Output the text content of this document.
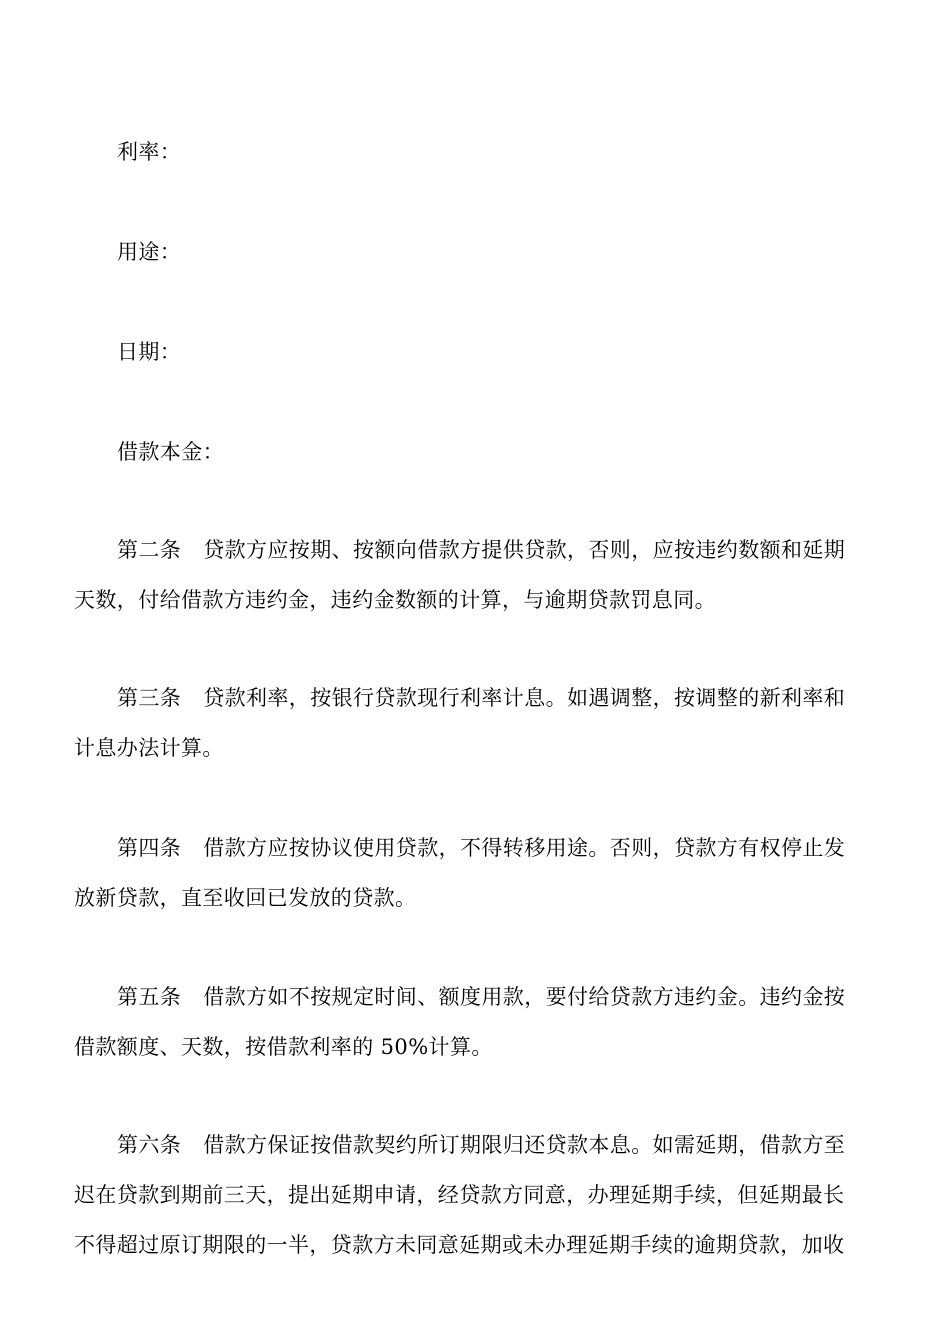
利率：

用途：

日期：

借款本金：

第二条 贷款方应按期、按额向借款方提供贷款，否则，应按违约数额和延期
天数，付给借款方违约金，违约金数额的计算，与逾期贷款罚息同。
第三条 贷款利率，按银行贷款现行利率计息。如遇调整，按调整的新利率和
计息办法计算。
第四条 借款方应按协议使用贷款，不得转移用途。否则，贷款方有权停止发
放新贷款，直至收回已发放的贷款。
第五条 借款方如不按规定时间、额度用款，要付给贷款方违约金。违约金按
借款额度、天数，按借款利率的 50%计算。
第六条 借款方保证按借款契约所订期限归还贷款本息。如需延期，借款方至
迟在贷款到期前三天，提出延期申请，经贷款方同意，办理延期手续，但延期最长
不得超过原订期限的一半，贷款方未同意延期或未办理延期手续的逾期贷款，加收
